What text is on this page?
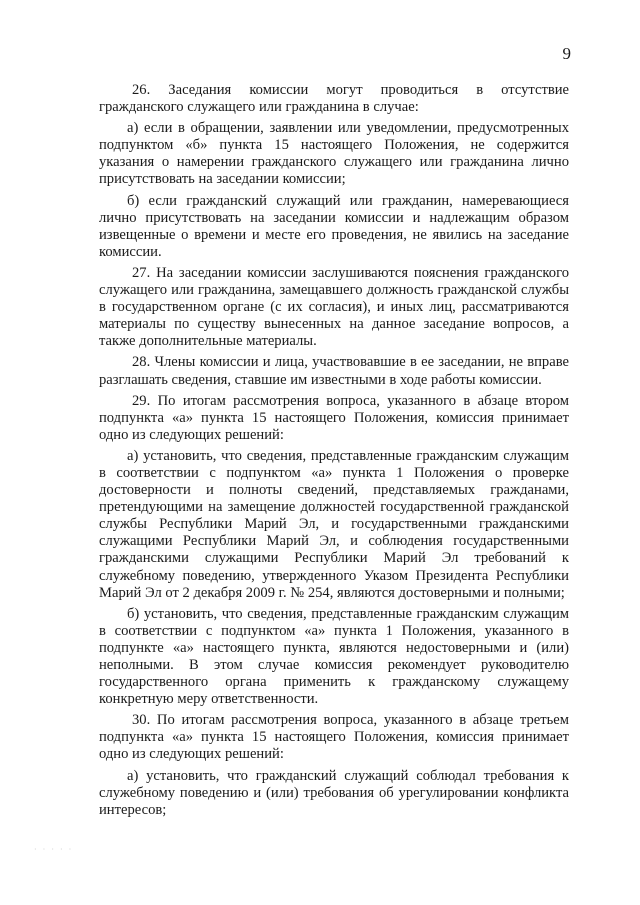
9

26. Заседания комиссии могут проводиться в отсутствие гражданского служащего или гражданина в случае:

а) если в обращении, заявлении или уведомлении, предусмотренных подпунктом «б» пункта 15 настоящего Положения, не содержится указания о намерении гражданского служащего или гражданина лично присутствовать на заседании комиссии;

б) если гражданский служащий или гражданин, намеревающиеся лично присутствовать на заседании комиссии и надлежащим образом извещенные о времени и месте его проведения, не явились на заседание комиссии.

27. На заседании комиссии заслушиваются пояснения гражданского служащего или гражданина, замещавшего должность гражданской службы в государственном органе (с их согласия), и иных лиц, рассматриваются материалы по существу вынесенных на данное заседание вопросов, а также дополнительные материалы.

28. Члены комиссии и лица, участвовавшие в ее заседании, не вправе разглашать сведения, ставшие им известными в ходе работы комиссии.

29. По итогам рассмотрения вопроса, указанного в абзаце втором подпункта «а» пункта 15 настоящего Положения, комиссия принимает одно из следующих решений:

а) установить, что сведения, представленные гражданским служащим в соответствии с подпунктом «а» пункта 1 Положения о проверке достоверности и полноты сведений, представляемых гражданами, претендующими на замещение должностей государственной гражданской службы Республики Марий Эл, и государственными гражданскими служащими Республики Марий Эл, и соблюдения государственными гражданскими служащими Республики Марий Эл требований к служебному поведению, утвержденного Указом Президента Республики Марий Эл от 2 декабря 2009 г. № 254, являются достоверными и полными;

б) установить, что сведения, представленные гражданским служащим в соответствии с подпунктом «а» пункта 1 Положения, указанного в подпункте «а» настоящего пункта, являются недостоверными и (или) неполными. В этом случае комиссия рекомендует руководителю государственного органа применить к гражданскому служащему конкретную меру ответственности.

30. По итогам рассмотрения вопроса, указанного в абзаце третьем подпункта «а» пункта 15 настоящего Положения, комиссия принимает одно из следующих решений:

а) установить, что гражданский служащий соблюдал требования к служебному поведению и (или) требования об урегулировании конфликта интересов;

· · · · ·
